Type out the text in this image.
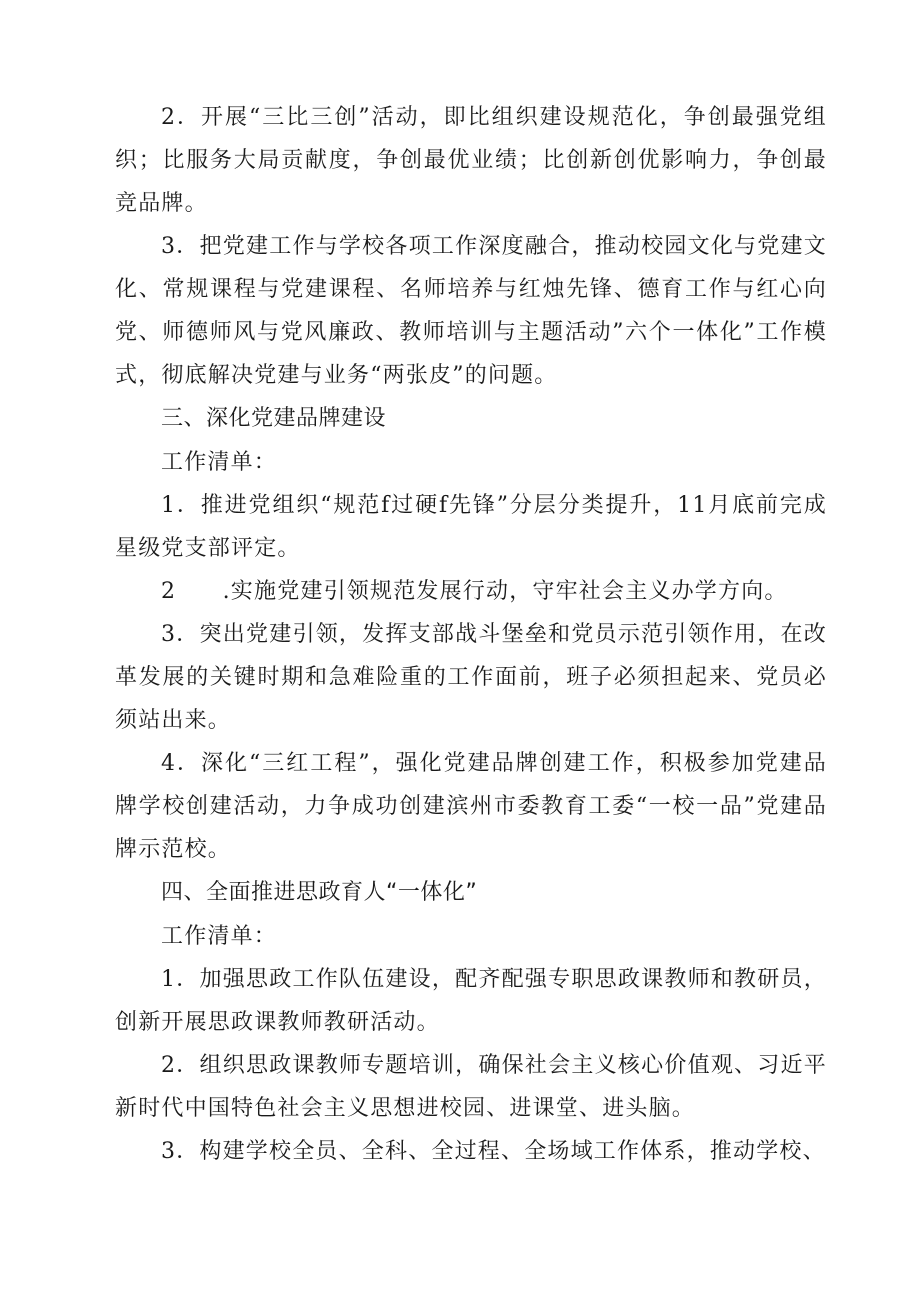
2．开展“三比三创”活动，即比组织建设规范化，争创最强党组织；比服务大局贡献度，争创最优业绩；比创新创优影响力，争创最竞品牌。

3．把党建工作与学校各项工作深度融合，推动校园文化与党建文化、常规课程与党建课程、名师培养与红烛先锋、德育工作与红心向党、师德师风与党风廉政、教师培训与主题活动”六个一体化”工作模式，彻底解决党建与业务“两张皮”的问题。

三、深化党建品牌建设

工作清单：

1．推进党组织“规范f过硬f先锋”分层分类提升，11月底前完成星级党支部评定。

2　　.实施党建引领规范发展行动，守牢社会主义办学方向。

3．突出党建引领，发挥支部战斗堡垒和党员示范引领作用，在改革发展的关键时期和急难险重的工作面前，班子必须担起来、党员必须站出来。

4．深化“三红工程”，强化党建品牌创建工作，积极参加党建品牌学校创建活动，力争成功创建滨州市委教育工委“一校一品”党建品牌示范校。

四、全面推进思政育人“一体化”

工作清单：

1．加强思政工作队伍建设，配齐配强专职思政课教师和教研员，创新开展思政课教师教研活动。

2．组织思政课教师专题培训，确保社会主义核心价值观、习近平新时代中国特色社会主义思想进校园、进课堂、进头脑。

3．构建学校全员、全科、全过程、全场域工作体系，推动学校、
